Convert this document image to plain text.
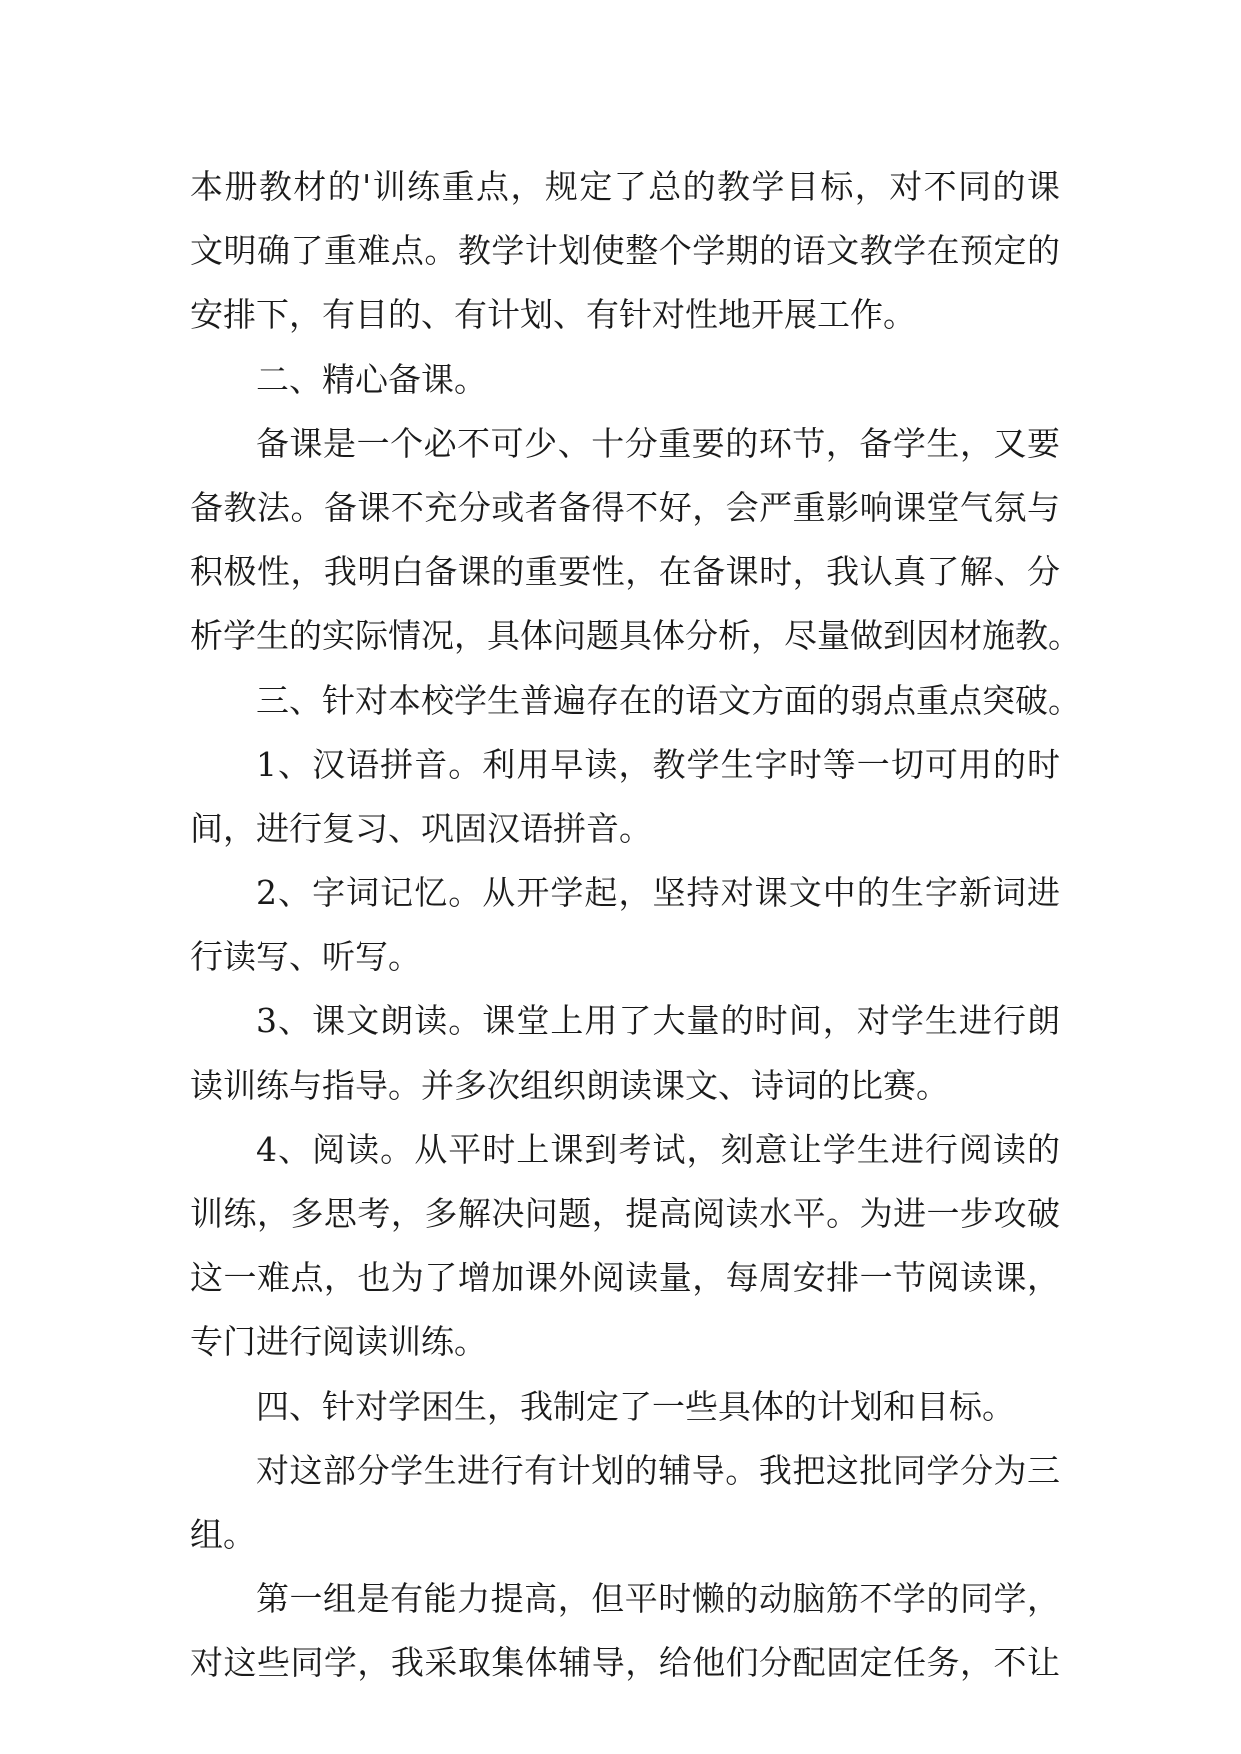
本册教材的'训练重点，规定了总的教学目标，对不同的课
文明确了重难点。教学计划使整个学期的语文教学在预定的
安排下，有目的、有计划、有针对性地开展工作。
二、精心备课。
备课是一个必不可少、十分重要的环节，备学生，又要
备教法。备课不充分或者备得不好，会严重影响课堂气氛与
积极性，我明白备课的重要性，在备课时，我认真了解、分
析学生的实际情况，具体问题具体分析，尽量做到因材施教。
三、针对本校学生普遍存在的语文方面的弱点重点突破。
1、汉语拼音。利用早读，教学生字时等一切可用的时
间，进行复习、巩固汉语拼音。
2、字词记忆。从开学起，坚持对课文中的生字新词进
行读写、听写。
3、课文朗读。课堂上用了大量的时间，对学生进行朗
读训练与指导。并多次组织朗读课文、诗词的比赛。
4、阅读。从平时上课到考试，刻意让学生进行阅读的
训练，多思考，多解决问题，提高阅读水平。为进一步攻破
这一难点，也为了增加课外阅读量，每周安排一节阅读课，
专门进行阅读训练。
四、针对学困生，我制定了一些具体的计划和目标。
对这部分学生进行有计划的辅导。我把这批同学分为三
组。
第一组是有能力提高，但平时懒的动脑筋不学的同学，
对这些同学，我采取集体辅导，给他们分配固定任务，不让
